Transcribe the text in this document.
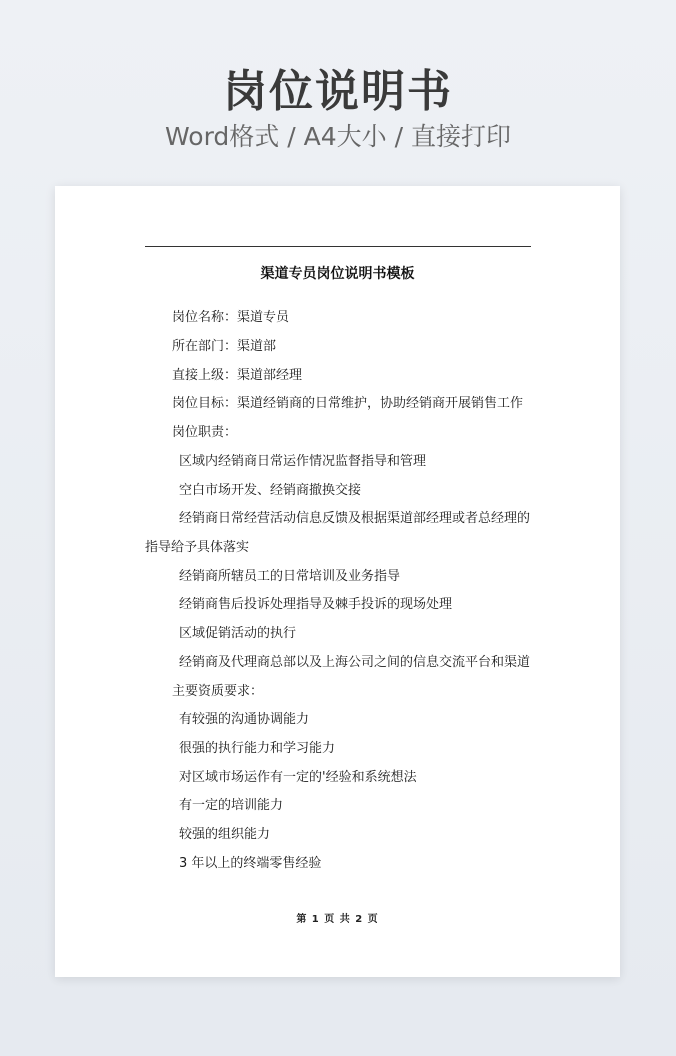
岗位说明书
Word格式 / A4大小 / 直接打印
渠道专员岗位说明书模板
岗位名称：渠道专员
所在部门：渠道部
直接上级：渠道部经理
岗位目标：渠道经销商的日常维护，协助经销商开展销售工作
岗位职责：
区域内经销商日常运作情况监督指导和管理
空白市场开发、经销商撤换交接
经销商日常经营活动信息反馈及根据渠道部经理或者总经理的
指导给予具体落实
经销商所辖员工的日常培训及业务指导
经销商售后投诉处理指导及棘手投诉的现场处理
区域促销活动的执行
经销商及代理商总部以及上海公司之间的信息交流平台和渠道
主要资质要求：
有较强的沟通协调能力
很强的执行能力和学习能力
对区域市场运作有一定的'经验和系统想法
有一定的培训能力
较强的组织能力
3 年以上的终端零售经验
第 1 页 共 2 页
